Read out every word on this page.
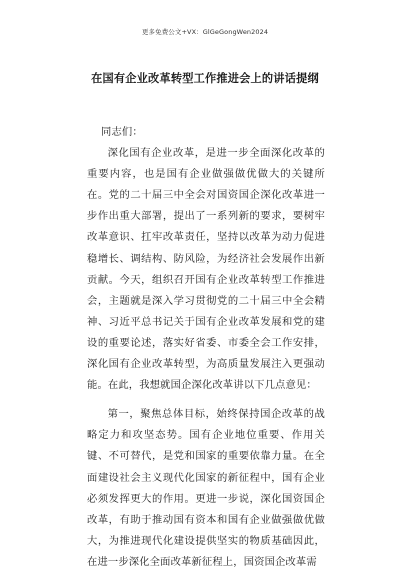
更多免费公文+VX：GlGeGongWen2024
在国有企业改革转型工作推进会上的讲话提纲
同志们：

深化国有企业改革，是进一步全面深化改革的重要内容，也是国有企业做强做优做大的关键所在。党的二十届三中全会对国资国企深化改革进一步作出重大部署，提出了一系列新的要求，要树牢改革意识、扛牢改革责任，坚持以改革为动力促进稳增长、调结构、防风险，为经济社会发展作出新贡献。今天，组织召开国有企业改革转型工作推进会，主题就是深入学习贯彻党的二十届三中全会精神、习近平总书记关于国有企业改革发展和党的建设的重要论述，落实好省委、市委全会工作安排，深化国有企业改革转型，为高质量发展注入更强动能。在此，我想就国企深化改革讲以下几点意见：

第一，聚焦总体目标，始终保持国企改革的战略定力和攻坚态势。国有企业地位重要、作用关键、不可替代，是党和国家的重要依靠力量。在全面建设社会主义现代化国家的新征程中，国有企业必须发挥更大的作用。更进一步说，深化国资国企改革，有助于推动国有资本和国有企业做强做优做大，为推进现代化建设提供坚实的物质基础因此，在进一步深化全面改革新征程上，国资国企改革需
